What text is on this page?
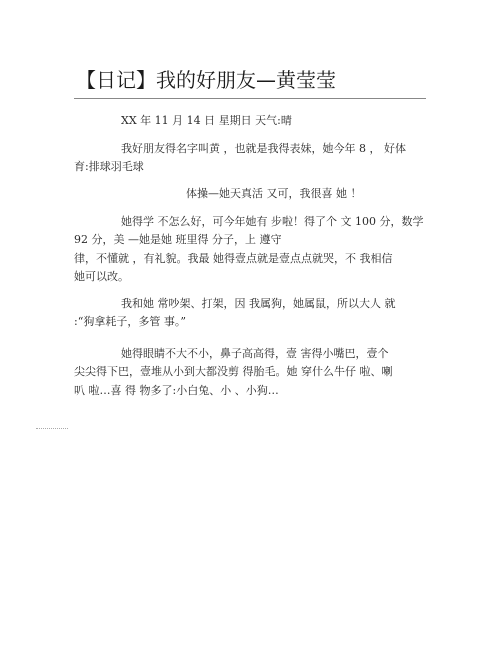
【日记】我的好朋友—黄莹莹
XX 年 11 月 14 日 星期日 天气:晴
我好朋友得名字叫黄 ，也就是我得表妹，她今年 8 ， 好体
育:排球羽毛球
体操—她天真活 又可，我很喜 她 ！
她得学 不怎么好，可今年她有 步啦！得了个 文 100 分，数学
92 分，美 —她是她 班里得 分子，上 遵守
律，不懂就 ，有礼貌。我最 她得壹点就是壹点点就哭，不 我相信
她可以改。
我和她 常吵架、打架，因 我属狗，她属鼠，所以大人 就
:“狗拿耗子，多管 事。”
她得眼睛不大不小，鼻子高高得，壹 害得小嘴巴，壹个
尖尖得下巴，壹堆从小到大都没剪 得胎毛。她 穿什么牛仔 啦、喇
叭 啦…喜 得 物多了:小白兔、小 、小狗…
